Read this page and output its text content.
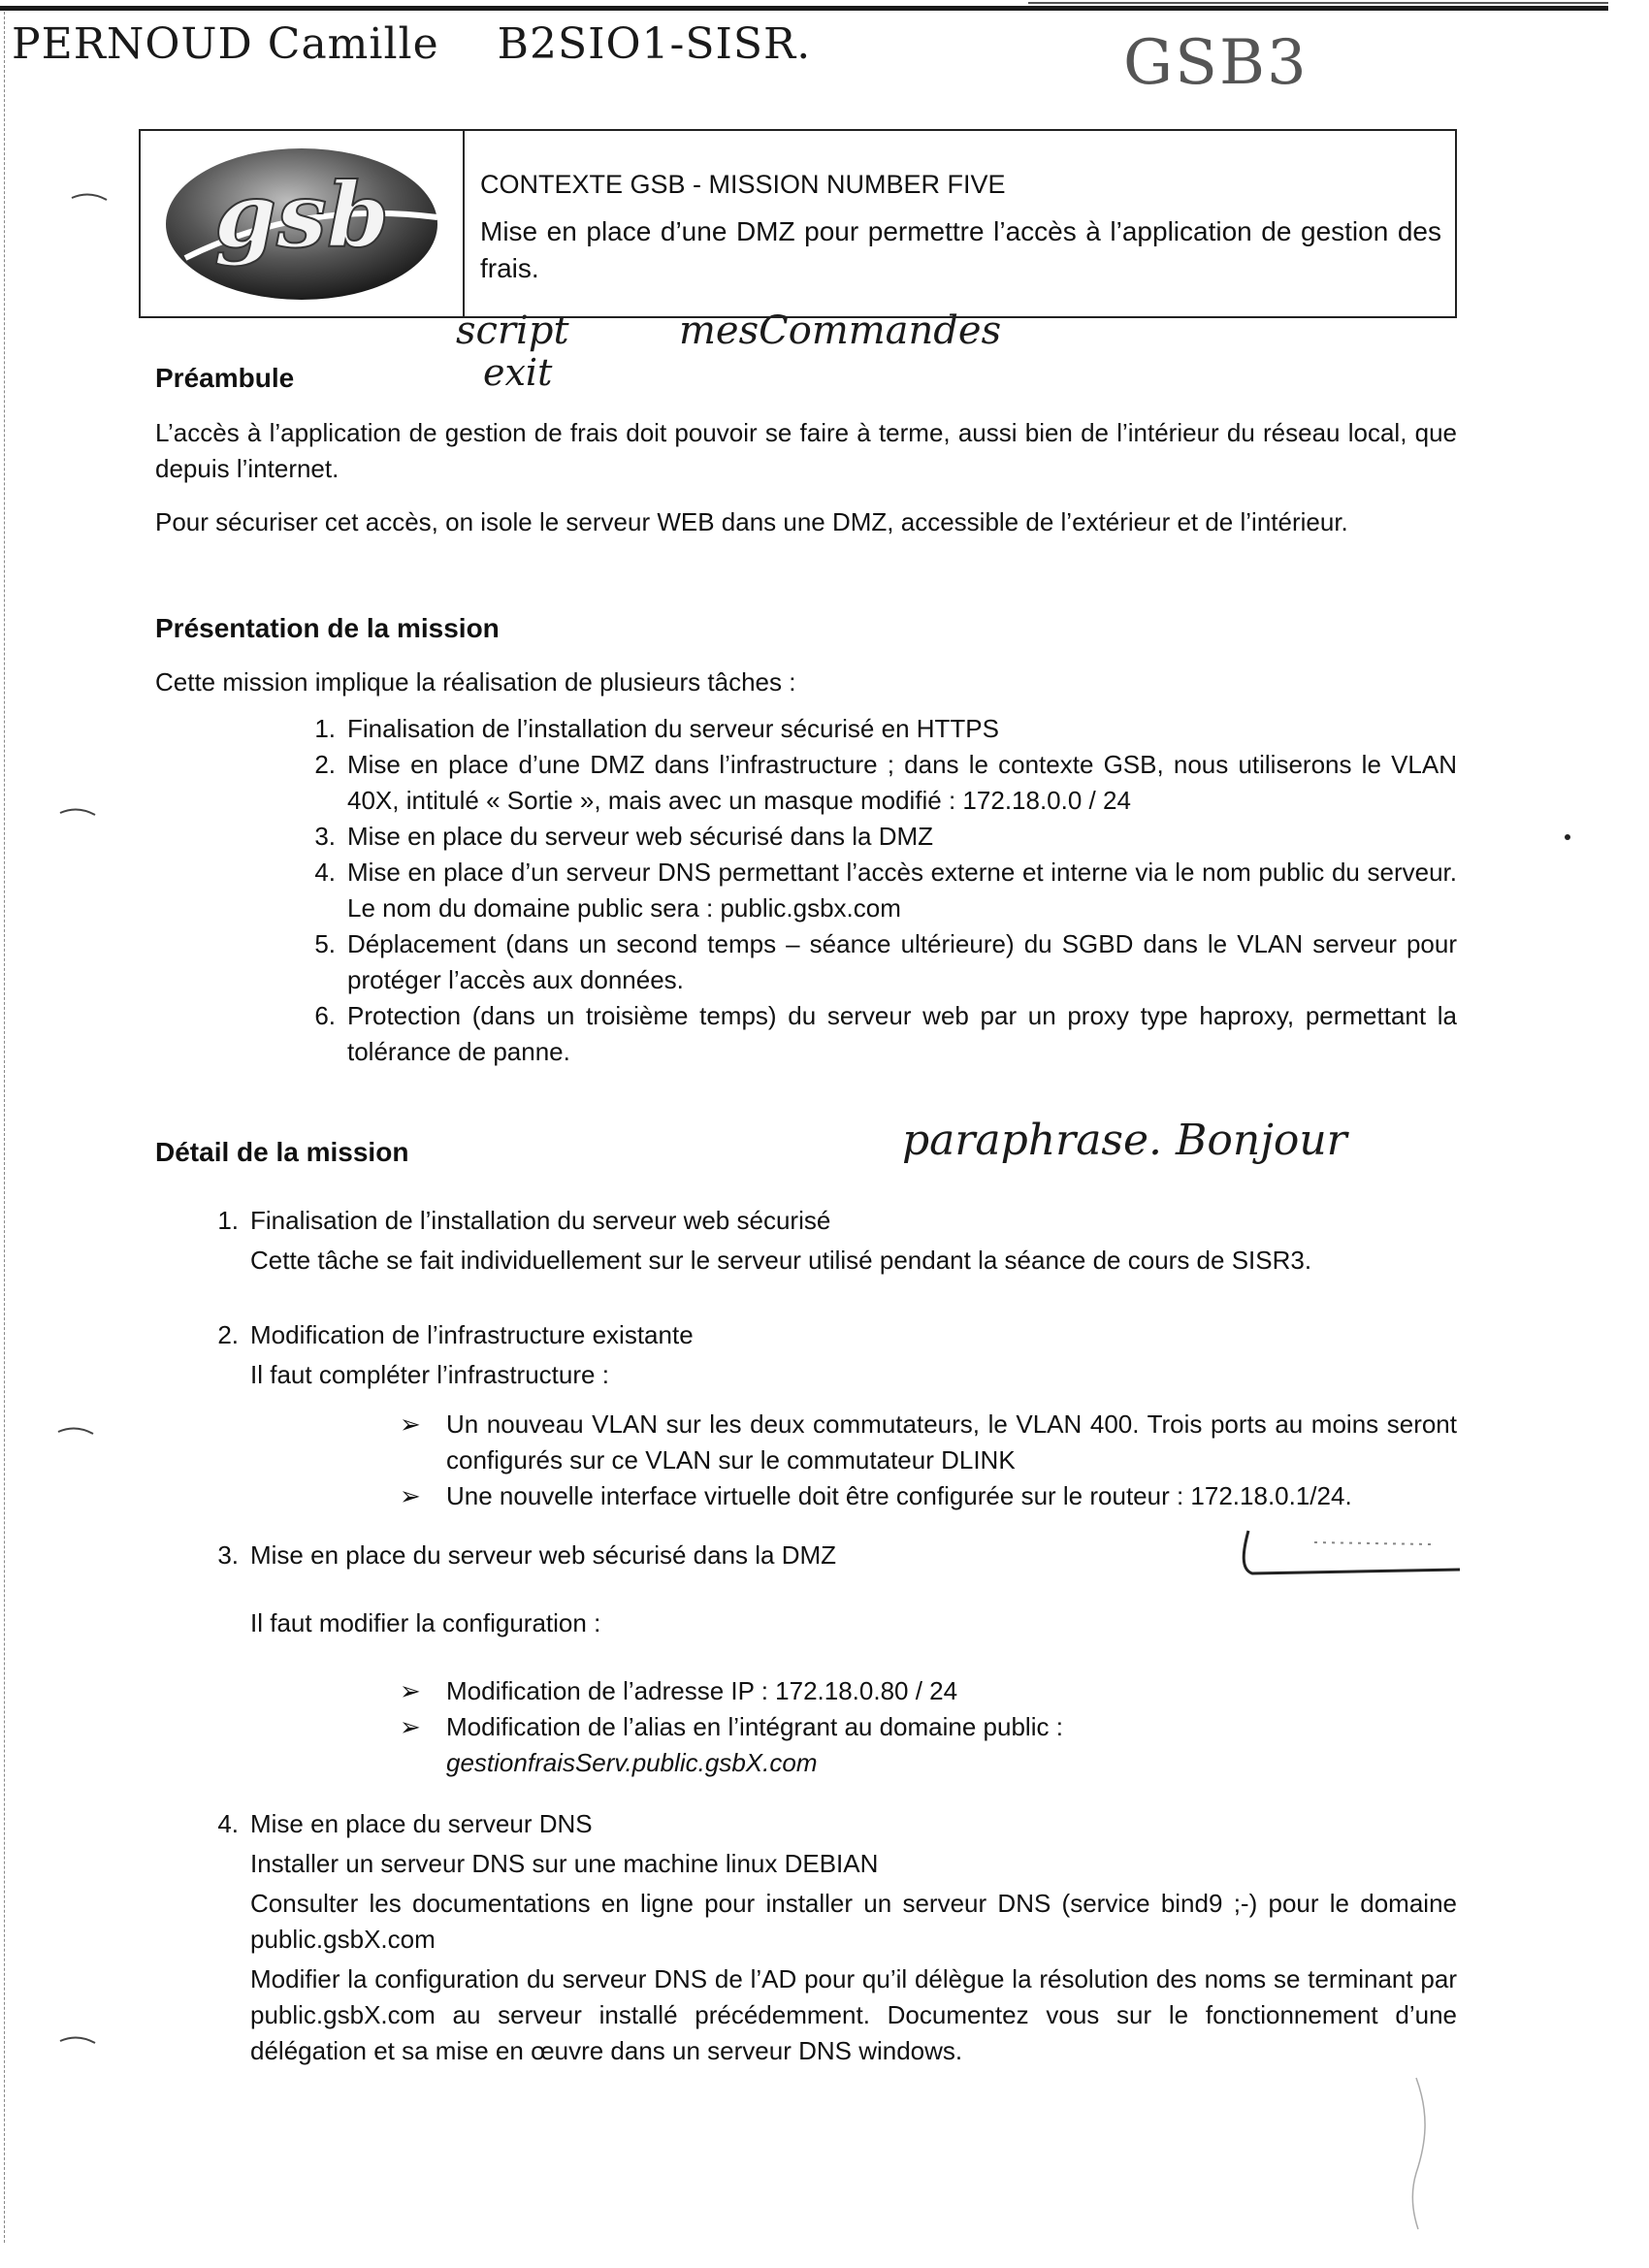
PERNOUD Camille B2SIO1-SISR.	GSB3
script
exit
mesCommandes
paraphrase. Bonjour
gsb	CONTEXTE GSB - MISSION NUMBER FIVE

Mise en place d’une DMZ pour permettre l’accès à l’application de gestion des frais.

Préambule

L’accès à l’application de gestion de frais doit pouvoir se faire à terme, aussi bien de l’intérieur du réseau local, que depuis l’internet.

Pour sécuriser cet accès, on isole le serveur WEB dans une DMZ, accessible de l’extérieur et de l’intérieur.

Présentation de la mission

Cette mission implique la réalisation de plusieurs tâches :

1. Finalisation de l’installation du serveur sécurisé en HTTPS
2. Mise en place d’une DMZ dans l’infrastructure ; dans le contexte GSB, nous utiliserons le VLAN 40X, intitulé « Sortie », mais avec un masque modifié : 172.18.0.0 / 24
3. Mise en place du serveur web sécurisé dans la DMZ
4. Mise en place d’un serveur DNS permettant l’accès externe et interne via le nom public du serveur. Le nom du domaine public sera : public.gsbx.com
5. Déplacement (dans un second temps – séance ultérieure) du SGBD dans le VLAN serveur pour protéger l’accès aux données.
6. Protection (dans un troisième temps) du serveur web par un proxy type haproxy, permettant la tolérance de panne.
Détail de la mission
1. Finalisation de l’installation du serveur web sécurisé

Cette tâche se fait individuellement sur le serveur utilisé pendant la séance de cours de SISR3.

2. Modification de l’infrastructure existante

Il faut compléter l’infrastructure :

➢ Un nouveau VLAN sur les deux commutateurs, le VLAN 400. Trois ports au moins seront configurés sur ce VLAN sur le commutateur DLINK
➢ Une nouvelle interface virtuelle doit être configurée sur le routeur : 172.18.0.1/24.
3. Mise en place du serveur web sécurisé dans la DMZ

Il faut modifier la configuration :

➢ Modification de l’adresse IP : 172.18.0.80 / 24
➢ Modification de l’alias en l’intégrant au domaine public :
gestionfraisServ.public.gsbX.com
4. Mise en place du serveur DNS

Installer un serveur DNS sur une machine linux DEBIAN

Consulter les documentations en ligne pour installer un serveur DNS (service bind9 ;-) pour le domaine public.gsbX.com

Modifier la configuration du serveur DNS de l’AD pour qu’il délègue la résolution des noms se terminant par public.gsbX.com au serveur installé précédemment. Documentez vous sur le fonctionnement d’une délégation et sa mise en œuvre dans un serveur DNS windows.
